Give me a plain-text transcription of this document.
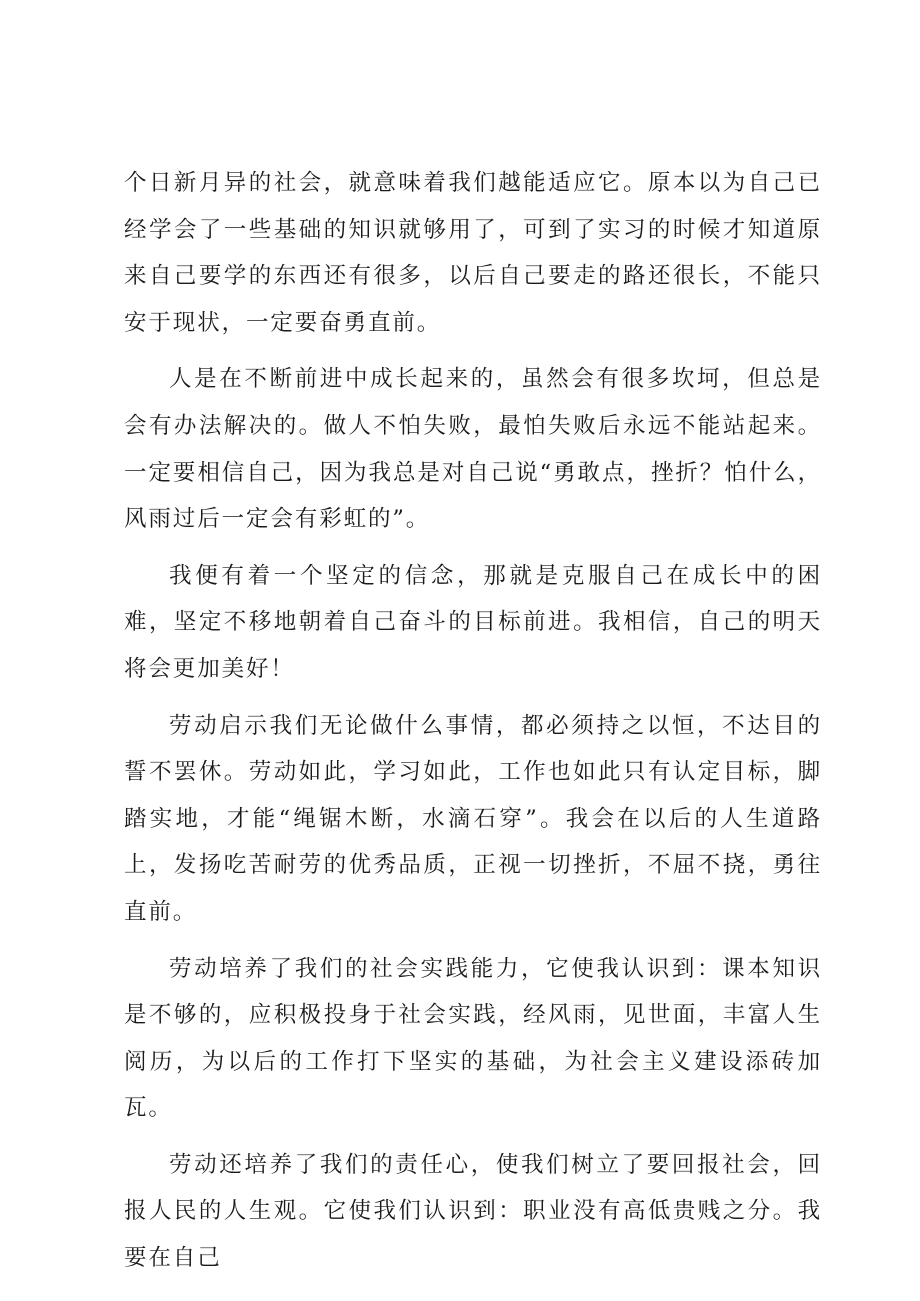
个日新月异的社会，就意味着我们越能适应它。原本以为自己已经学会了一些基础的知识就够用了，可到了实习的时候才知道原来自己要学的东西还有很多，以后自己要走的路还很长，不能只安于现状，一定要奋勇直前。

人是在不断前进中成长起来的，虽然会有很多坎坷，但总是会有办法解决的。做人不怕失败，最怕失败后永远不能站起来。一定要相信自己，因为我总是对自己说“勇敢点，挫折？怕什么，风雨过后一定会有彩虹的”。

我便有着一个坚定的信念，那就是克服自己在成长中的困难，坚定不移地朝着自己奋斗的目标前进。我相信，自己的明天将会更加美好！

劳动启示我们无论做什么事情，都必须持之以恒，不达目的誓不罢休。劳动如此，学习如此，工作也如此只有认定目标，脚踏实地，才能“绳锯木断，水滴石穿”。我会在以后的人生道路上，发扬吃苦耐劳的优秀品质，正视一切挫折，不屈不挠，勇往直前。

劳动培养了我们的社会实践能力，它使我认识到：课本知识是不够的，应积极投身于社会实践，经风雨，见世面，丰富人生阅历，为以后的工作打下坚实的基础，为社会主义建设添砖加瓦。

劳动还培养了我们的责任心，使我们树立了要回报社会，回报人民的人生观。它使我们认识到：职业没有高低贵贱之分。我要在自己
